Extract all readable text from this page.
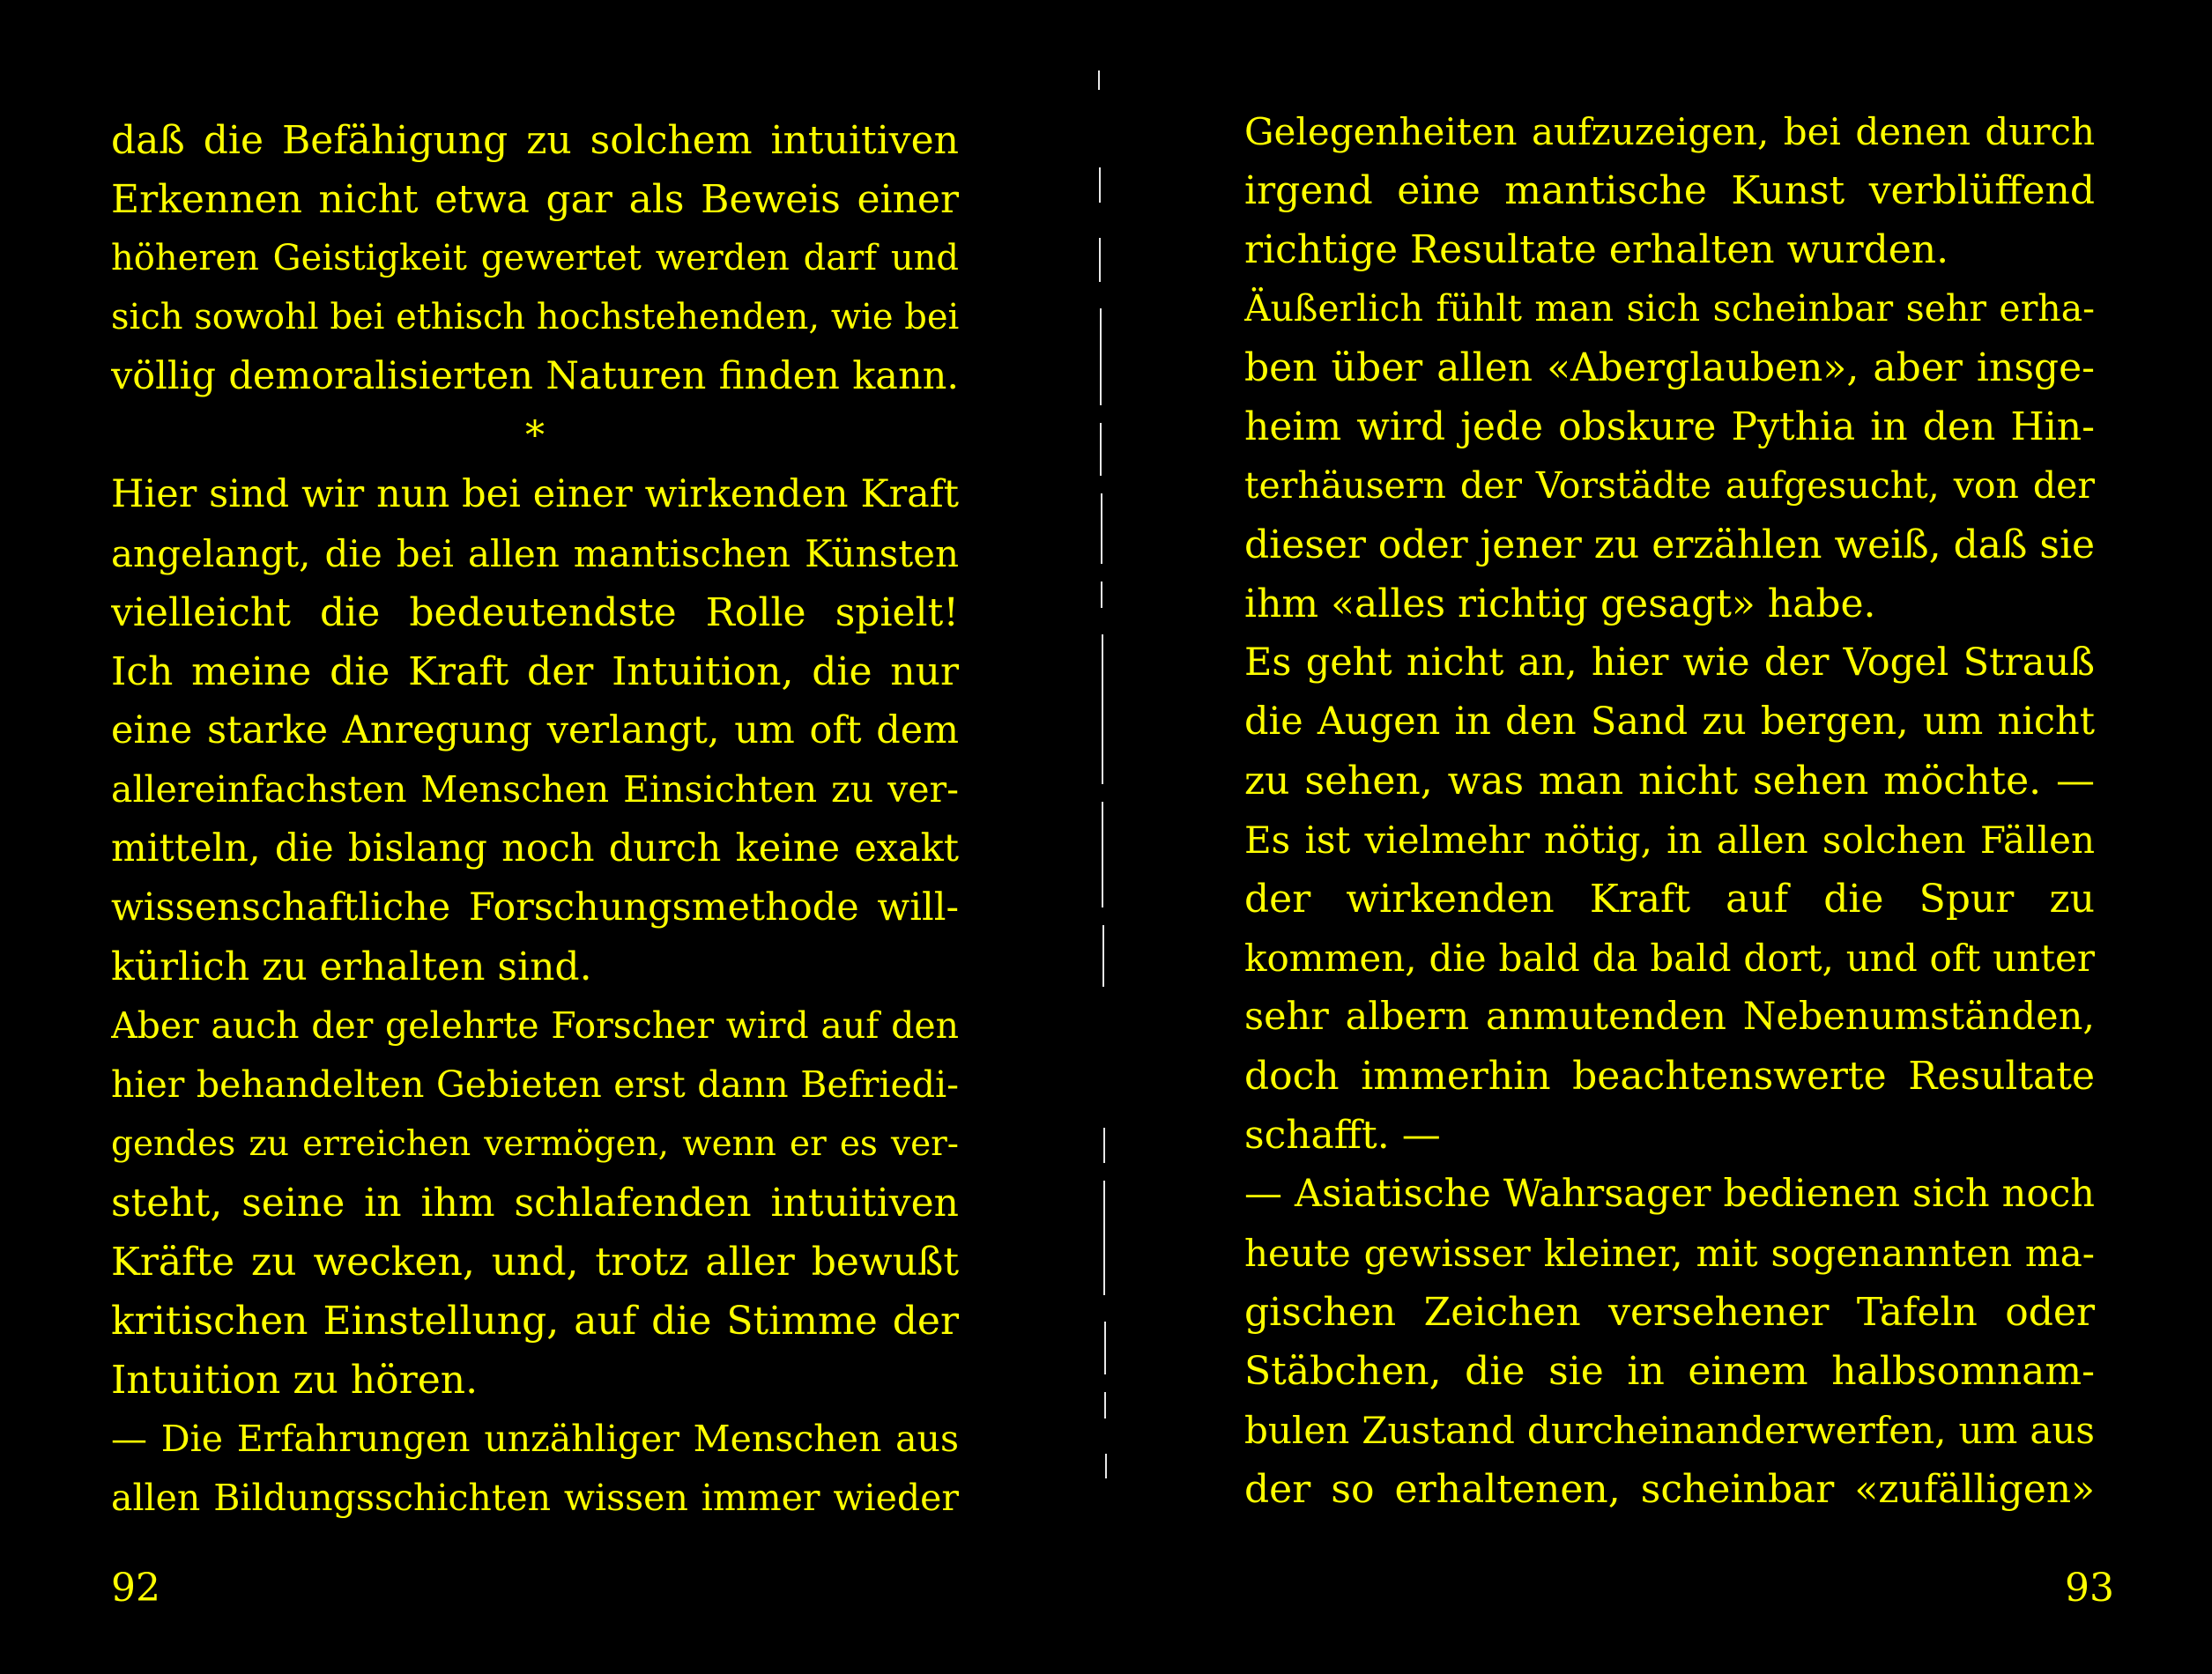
daß die Befähigung zu solchem intuitiven
Erkennen nicht etwa gar als Beweis einer
höheren Geistigkeit gewertet werden darf und
sich sowohl bei ethisch hochstehenden, wie bei
völlig demoralisierten Naturen finden kann.
*
Hier sind wir nun bei einer wirkenden Kraft
angelangt, die bei allen mantischen Künsten
vielleicht die bedeutendste Rolle spielt!
Ich meine die Kraft der Intuition, die nur
eine starke Anregung verlangt, um oft dem
allereinfachsten Menschen Einsichten zu ver-
mitteln, die bislang noch durch keine exakt
wissenschaftliche Forschungsmethode will-
kürlich zu erhalten sind.
Aber auch der gelehrte Forscher wird auf den
hier behandelten Gebieten erst dann Befriedi-
gendes zu erreichen vermögen, wenn er es ver-
steht, seine in ihm schlafenden intuitiven
Kräfte zu wecken, und, trotz aller bewußt
kritischen Einstellung, auf die Stimme der
Intuition zu hören.
— Die Erfahrungen unzähliger Menschen aus
allen Bildungsschichten wissen immer wieder
92
Gelegenheiten aufzuzeigen, bei denen durch
irgend eine mantische Kunst verblüffend
richtige Resultate erhalten wurden.
Äußerlich fühlt man sich scheinbar sehr erha-
ben über allen «Aberglauben», aber insge-
heim wird jede obskure Pythia in den Hin-
terhäusern der Vorstädte aufgesucht, von der
dieser oder jener zu erzählen weiß, daß sie
ihm «alles richtig gesagt» habe.
Es geht nicht an, hier wie der Vogel Strauß
die Augen in den Sand zu bergen, um nicht
zu sehen, was man nicht sehen möchte. —
Es ist vielmehr nötig, in allen solchen Fällen
der wirkenden Kraft auf die Spur zu
kommen, die bald da bald dort, und oft unter
sehr albern anmutenden Nebenumständen,
doch immerhin beachtenswerte Resultate
schafft. —
— Asiatische Wahrsager bedienen sich noch
heute gewisser kleiner, mit sogenannten ma-
gischen Zeichen versehener Tafeln oder
Stäbchen, die sie in einem halbsomnam-
bulen Zustand durcheinanderwerfen, um aus
der so erhaltenen, scheinbar «zufälligen»
93
